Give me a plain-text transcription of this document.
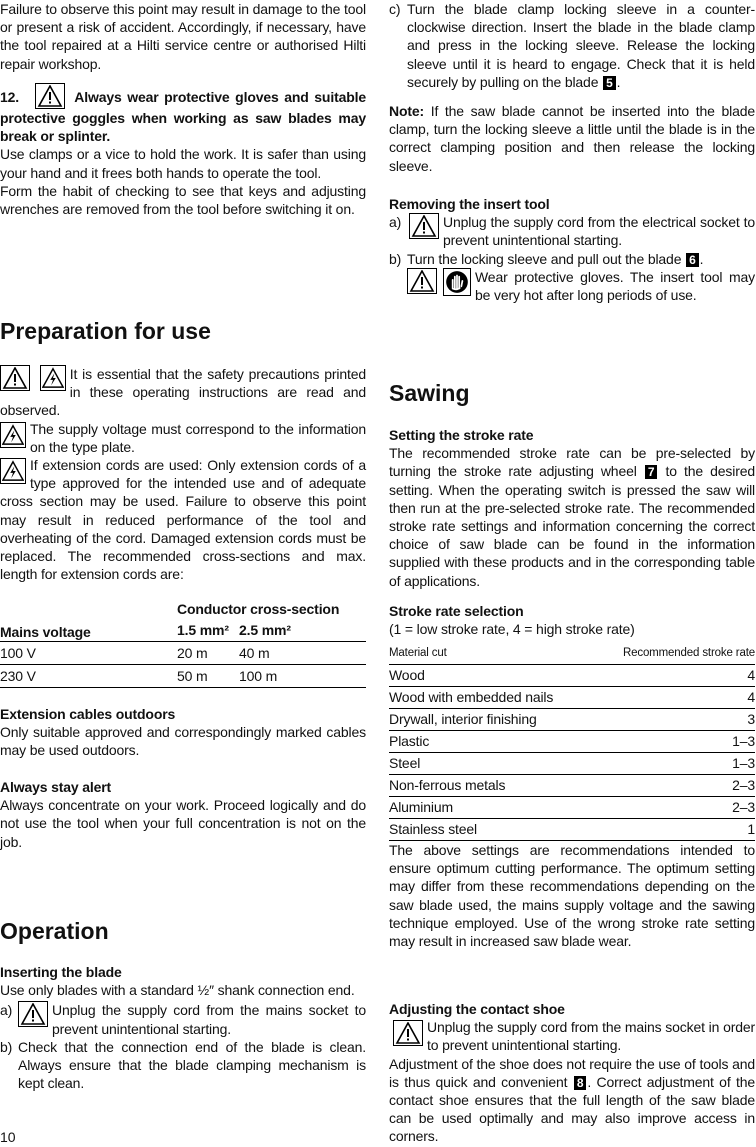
Failure to observe this point may result in damage to the tool or present a risk of accident. Accordingly, if necessary, have the tool repaired at a Hilti service centre or authorised Hilti repair workshop.

12.	Always wear protective gloves and suitable protective goggles when working as saw blades may break or splinter.

Use clamps or a vice to hold the work. It is safer than using your hand and it frees both hands to operate the tool.

Form the habit of checking to see that keys and adjusting wrenches are removed from the tool before switching it on.

Preparation for use

It is essential that the safety precautions printed in these operating instructions are read and observed.

The supply voltage must correspond to the information on the type plate.

If extension cords are used: Only extension cords of a type approved for the intended use and of adequate cross section may be used. Failure to observe this point may result in reduced performance of the tool and overheating of the cord. Damaged extension cords must be replaced. The recommended cross-sections and max. length for extension cords are:

Mains voltage	Conductor cross-section	
	1.5 mm²	2.5 mm²
100 V	20 m	40 m
230 V	50 m	100 m

Extension cables outdoors

Only suitable approved and correspondingly marked cables may be used outdoors.

Always stay alert

Always concentrate on your work. Proceed logically and do not use the tool when your full concentration is not on the job.

Operation

Inserting the blade

Use only blades with a standard ½″ shank connection end.

a)	Unplug the supply cord from the mains socket to prevent unintentional starting.

b) Check that the connection end of the blade is clean. Always ensure that the blade clamping mechanism is kept clean.

c) Turn the blade clamp locking sleeve in a counter-clockwise direction. Insert the blade in the blade clamp and press in the locking sleeve. Release the locking sleeve until it is heard to engage. Check that it is held securely by pulling on the blade 5 .

Note: If the saw blade cannot be inserted into the blade clamp, turn the locking sleeve a little until the blade is in the correct clamping position and then release the locking sleeve.

Removing the insert tool

a)	Unplug the supply cord from the electrical socket to prevent unintentional starting.

b) Turn the locking sleeve and pull out the blade 6 .

Wear protective gloves. The insert tool may be very hot after long periods of use.

Sawing

Setting the stroke rate

The recommended stroke rate can be pre-selected by turning the stroke rate adjusting wheel 7 to the desired setting. When the operating switch is pressed the saw will then run at the pre-selected stroke rate. The recommended stroke rate settings and information concerning the correct choice of saw blade can be found in the information supplied with these products and in the corresponding table of applications.

Stroke rate selection

(1 = low stroke rate, 4 = high stroke rate)

Material cut	Recommended stroke rate
Wood	4
Wood with embedded nails	4
Drywall, interior finishing	3
Plastic	1–3
Steel	1–3
Non-ferrous metals	2–3
Aluminium	2–3
Stainless steel	1

The above settings are recommendations intended to ensure optimum cutting performance. The optimum setting may differ from these recommendations depending on the saw blade used, the mains supply voltage and the sawing technique employed. Use of the wrong stroke rate setting may result in increased saw blade wear.

Adjusting the contact shoe

Unplug the supply cord from the mains socket in order to prevent unintentional starting.

Adjustment of the shoe does not require the use of tools and is thus quick and convenient 8 . Correct adjustment of the contact shoe ensures that the full length of the saw blade can be used optimally and may also improve access in corners.

10
